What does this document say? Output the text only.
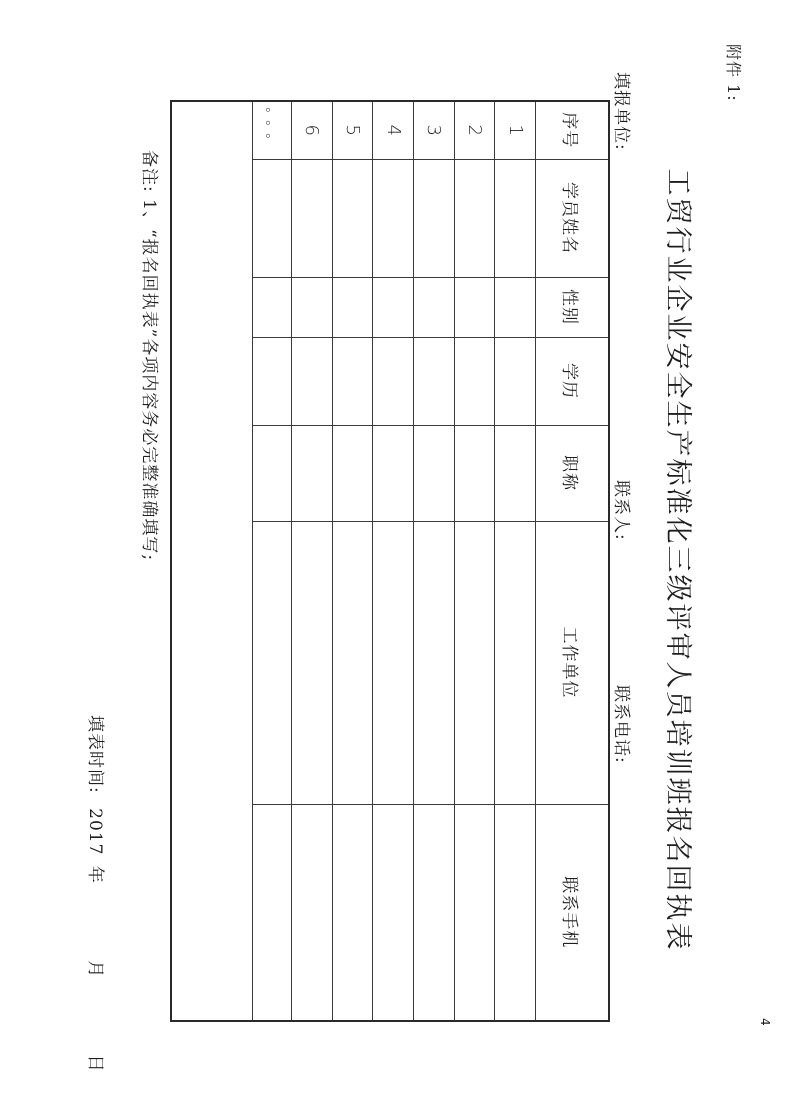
附件 1:
工贸行业企业安全生产标准化三级评审人员培训班报名回执表
填报单位:
联系人:
联系电话:
序号	学员姓名	性别	学历	职称	工作单位	联系手机
1						
2						
3						
4						
5						
6						
。。。						

备注: 1、“报名回执表”各项内容务必完整准确填写;
填表时间: 2017 年 月 日
4
